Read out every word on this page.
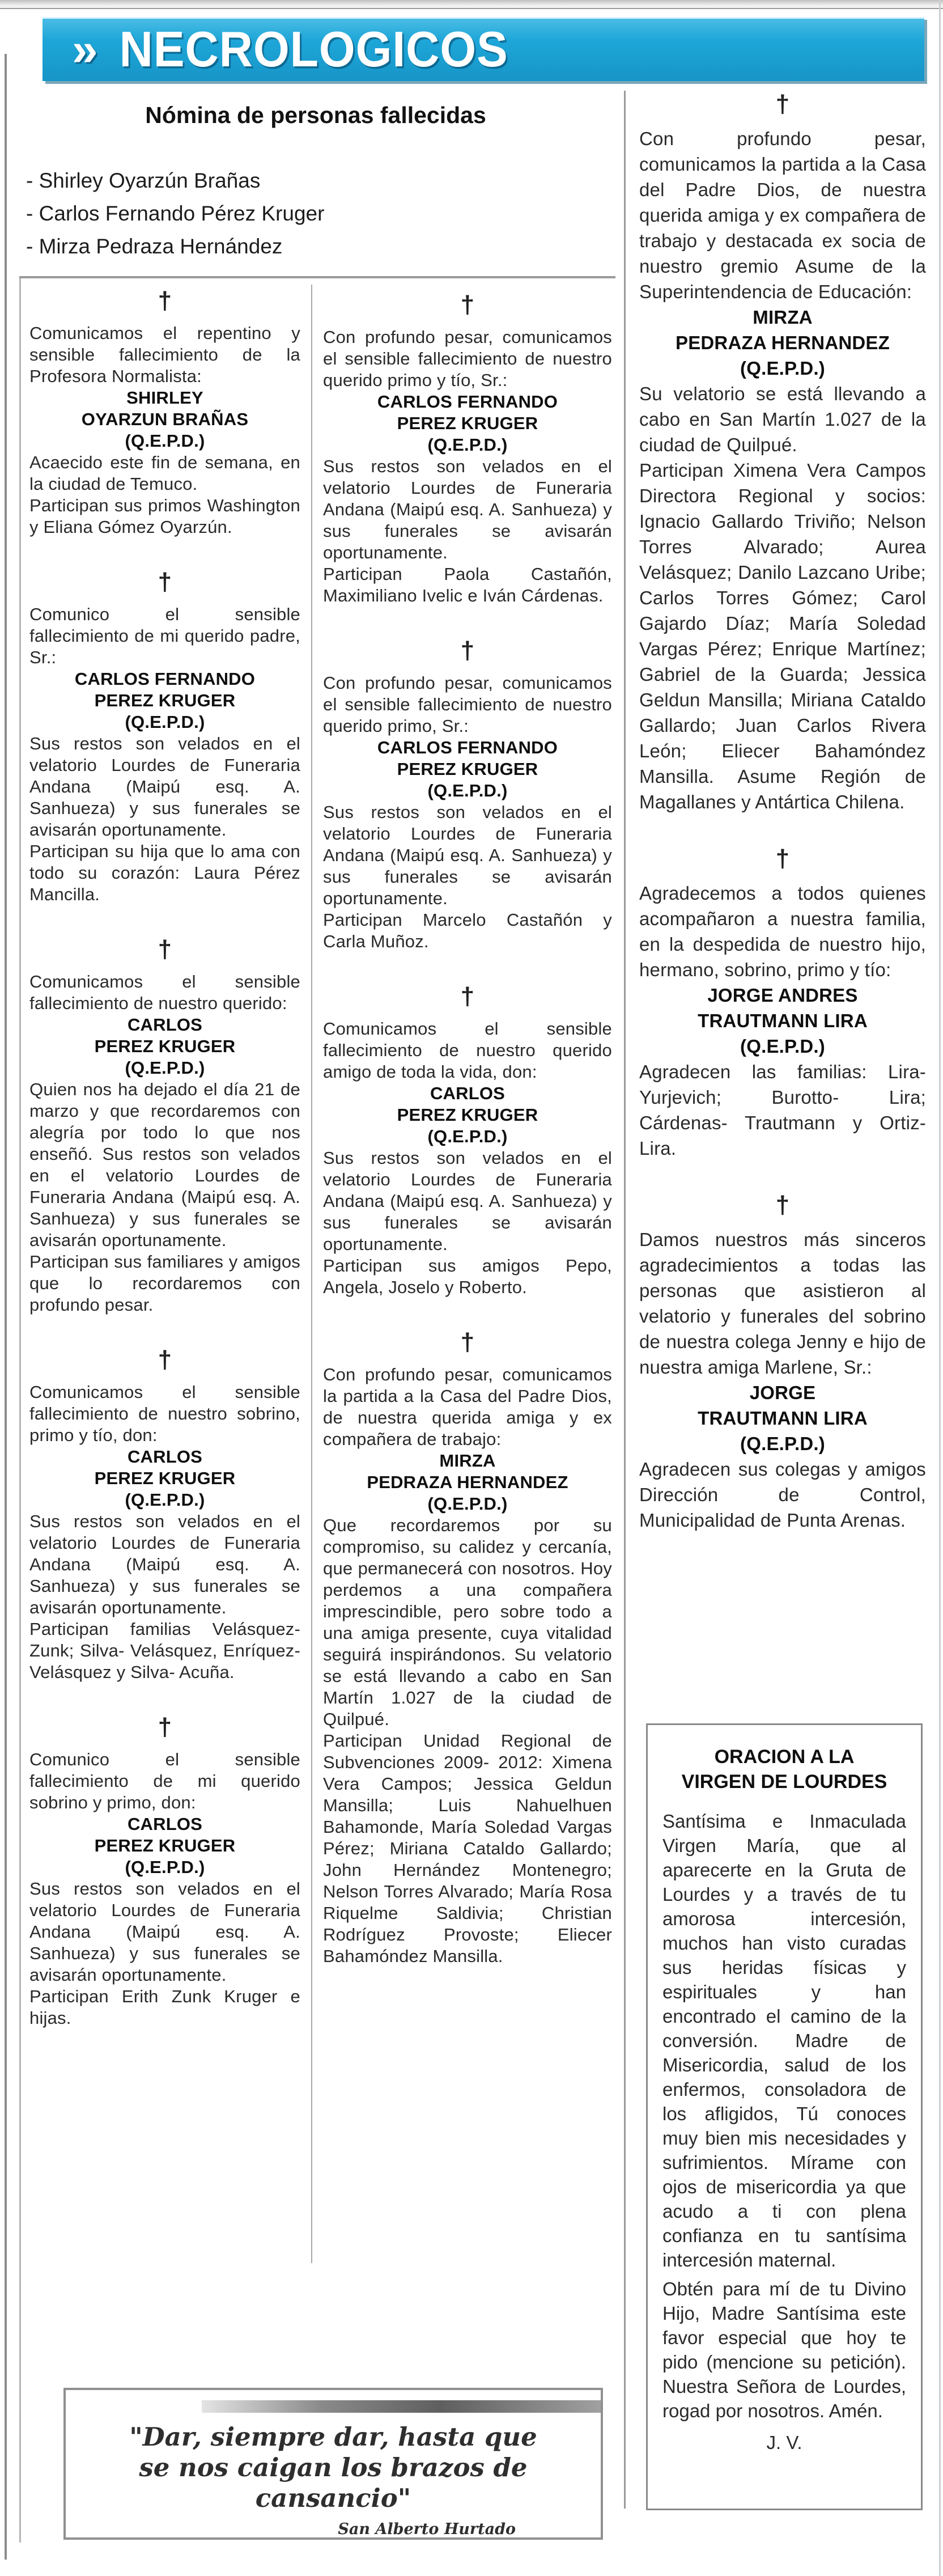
» NECROLOGICOS
Nómina de personas fallecidas
- Shirley Oyarzún Brañas
- Carlos Fernando Pérez Kruger
- Mirza Pedraza Hernández
†
Comunicamos el repentino y sensible fallecimiento de la Profesora Normalista:
SHIRLEY
OYARZUN BRAÑAS
(Q.E.P.D.)
Acaecido este fin de semana, en la ciudad de Temuco.
Participan sus primos Washington y Eliana Gómez Oyarzún.
†
Comunico el sensible fallecimiento de mi querido padre, Sr.:
CARLOS FERNANDO
PEREZ KRUGER
(Q.E.P.D.)
Sus restos son velados en el velatorio Lourdes de Funeraria Andana (Maipú esq. A. Sanhueza) y sus funerales se avisarán oportunamente.
Participan su hija que lo ama con todo su corazón: Laura Pérez Mancilla.
†
Comunicamos el sensible fallecimiento de nuestro querido:
CARLOS
PEREZ KRUGER
(Q.E.P.D.)
Quien nos ha dejado el día 21 de marzo y que recordaremos con alegría por todo lo que nos enseñó. Sus restos son velados en el velatorio Lourdes de Funeraria Andana (Maipú esq. A. Sanhueza) y sus funerales se avisarán oportunamente.
Participan sus familiares y amigos que lo recordaremos con profundo pesar.
†
Comunicamos el sensible fallecimiento de nuestro sobrino, primo y tío, don:
CARLOS
PEREZ KRUGER
(Q.E.P.D.)
Sus restos son velados en el velatorio Lourdes de Funeraria Andana (Maipú esq. A. Sanhueza) y sus funerales se avisarán oportunamente.
Participan familias Velásquez- Zunk; Silva- Velásquez, Enríquez- Velásquez y Silva- Acuña.
†
Comunico el sensible fallecimiento de mi querido sobrino y primo, don:
CARLOS
PEREZ KRUGER
(Q.E.P.D.)
Sus restos son velados en el velatorio Lourdes de Funeraria Andana (Maipú esq. A. Sanhueza) y sus funerales se avisarán oportunamente.
Participan Erith Zunk Kruger e hijas.
†
Con profundo pesar, comunicamos el sensible fallecimiento de nuestro querido primo y tío, Sr.:
CARLOS FERNANDO
PEREZ KRUGER
(Q.E.P.D.)
Sus restos son velados en el velatorio Lourdes de Funeraria Andana (Maipú esq. A. Sanhueza) y sus funerales se avisarán oportunamente.
Participan Paola Castañón, Maximiliano Ivelic e Iván Cárdenas.
†
Con profundo pesar, comunicamos el sensible fallecimiento de nuestro querido primo, Sr.:
CARLOS FERNANDO
PEREZ KRUGER
(Q.E.P.D.)
Sus restos son velados en el velatorio Lourdes de Funeraria Andana (Maipú esq. A. Sanhueza) y sus funerales se avisarán oportunamente.
Participan Marcelo Castañón y Carla Muñoz.
†
Comunicamos el sensible fallecimiento de nuestro querido amigo de toda la vida, don:
CARLOS
PEREZ KRUGER
(Q.E.P.D.)
Sus restos son velados en el velatorio Lourdes de Funeraria Andana (Maipú esq. A. Sanhueza) y sus funerales se avisarán oportunamente.
Participan sus amigos Pepo, Angela, Joselo y Roberto.
†
Con profundo pesar, comunicamos la partida a la Casa del Padre Dios, de nuestra querida amiga y ex compañera de trabajo:
MIRZA
PEDRAZA HERNANDEZ
(Q.E.P.D.)
Que recordaremos por su compromiso, su calidez y cercanía, que permanecerá con nosotros. Hoy perdemos a una compañera imprescindible, pero sobre todo a una amiga presente, cuya vitalidad seguirá inspirándonos. Su velatorio se está llevando a cabo en San Martín 1.027 de la ciudad de Quilpué.
Participan Unidad Regional de Subvenciones 2009- 2012: Ximena Vera Campos; Jessica Geldun Mansilla; Luis Nahuelhuen Bahamonde, María Soledad Vargas Pérez; Miriana Cataldo Gallardo; John Hernández Montenegro; Nelson Torres Alvarado; María Rosa Riquelme Saldivia; Christian Rodríguez Provoste; Eliecer Bahamóndez Mansilla.
†
Con profundo pesar, comunicamos la partida a la Casa del Padre Dios, de nuestra querida amiga y ex compañera de trabajo y destacada ex socia de nuestro gremio Asume de la Superintendencia de Educación:
MIRZA
PEDRAZA HERNANDEZ
(Q.E.P.D.)
Su velatorio se está llevando a cabo en San Martín 1.027 de la ciudad de Quilpué.
Participan Ximena Vera Campos Directora Regional y socios: Ignacio Gallardo Triviño; Nelson Torres Alvarado; Aurea Velásquez; Danilo Lazcano Uribe; Carlos Torres Gómez; Carol Gajardo Díaz; María Soledad Vargas Pérez; Enrique Martínez; Gabriel de la Guarda; Jessica Geldun Mansilla; Miriana Cataldo Gallardo; Juan Carlos Rivera León; Eliecer Bahamóndez Mansilla. Asume Región de Magallanes y Antártica Chilena.
†
Agradecemos a todos quienes acompañaron a nuestra familia, en la despedida de nuestro hijo, hermano, sobrino, primo y tío:
JORGE ANDRES
TRAUTMANN LIRA
(Q.E.P.D.)
Agradecen las familias: Lira- Yurjevich; Burotto- Lira; Cárdenas- Trautmann y Ortiz- Lira.
†
Damos nuestros más sinceros agradecimientos a todas las personas que asistieron al velatorio y funerales del sobrino de nuestra colega Jenny e hijo de nuestra amiga Marlene, Sr.:
JORGE
TRAUTMANN LIRA
(Q.E.P.D.)
Agradecen sus colegas y amigos Dirección de Control, Municipalidad de Punta Arenas.
"Dar, siempre dar, hasta que
se nos caigan los brazos de cansancio"
San Alberto Hurtado
ORACION A LA
VIRGEN DE LOURDES
Santísima e Inmaculada Virgen María, que al aparecerte en la Gruta de Lourdes y a través de tu amorosa intercesión, muchos han visto curadas sus heridas físicas y espirituales y han encontrado el camino de la conversión. Madre de Misericordia, salud de los enfermos, consoladora de los afligidos, Tú conoces muy bien mis necesidades y sufrimientos. Mírame con ojos de misericordia ya que acudo a ti con plena confianza en tu santísima intercesión maternal.
Obtén para mí de tu Divino Hijo, Madre Santísima este favor especial que hoy te pido (mencione su petición). Nuestra Señora de Lourdes, rogad por nosotros. Amén.
J. V.
